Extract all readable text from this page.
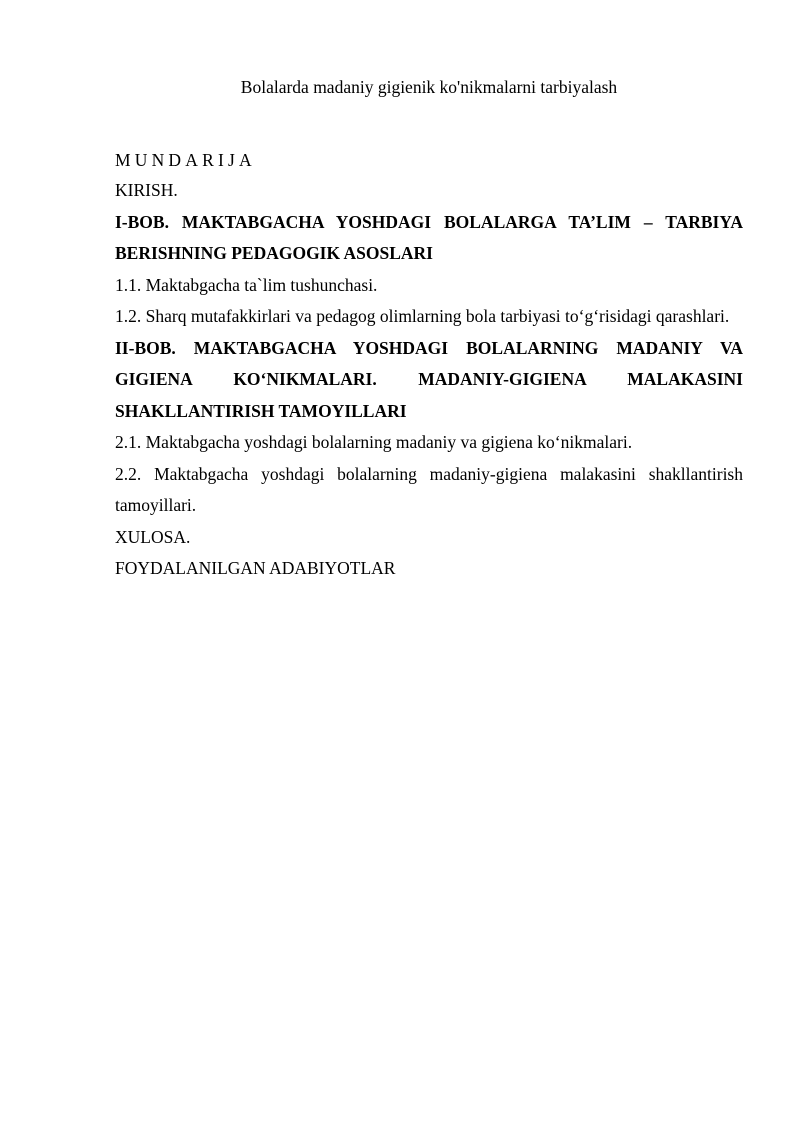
Bolalarda madaniy gigienik ko'nikmalarni tarbiyalash

MUNDARIJA

KIRISH.
I-BOB. MAKTABGACHA YOSHDAGI BOLALARGA TA’LIM – TARBIYA BERISHNING PEDAGOGIK ASOSLARI
1.1. Maktabgacha ta`lim tushunchasi.
1.2. Sharq mutafakkirlari va pedagog olimlarning bola tarbiyasi to‘g‘risidagi qarashlari.
II-BOB. MAKTABGACHA YOSHDAGI BOLALARNING MADANIY VA GIGIENA KO‘NIKMALARI. MADANIY-GIGIENA MALAKASINI SHAKLLANTIRISH TAMOYILLARI
2.1. Maktabgacha yoshdagi bolalarning madaniy va gigiena ko‘nikmalari.
2.2. Maktabgacha yoshdagi bolalarning madaniy-gigiena malakasini shakllantirish tamoyillari.
XULOSA.
FOYDALANILGAN ADABIYOTLAR
